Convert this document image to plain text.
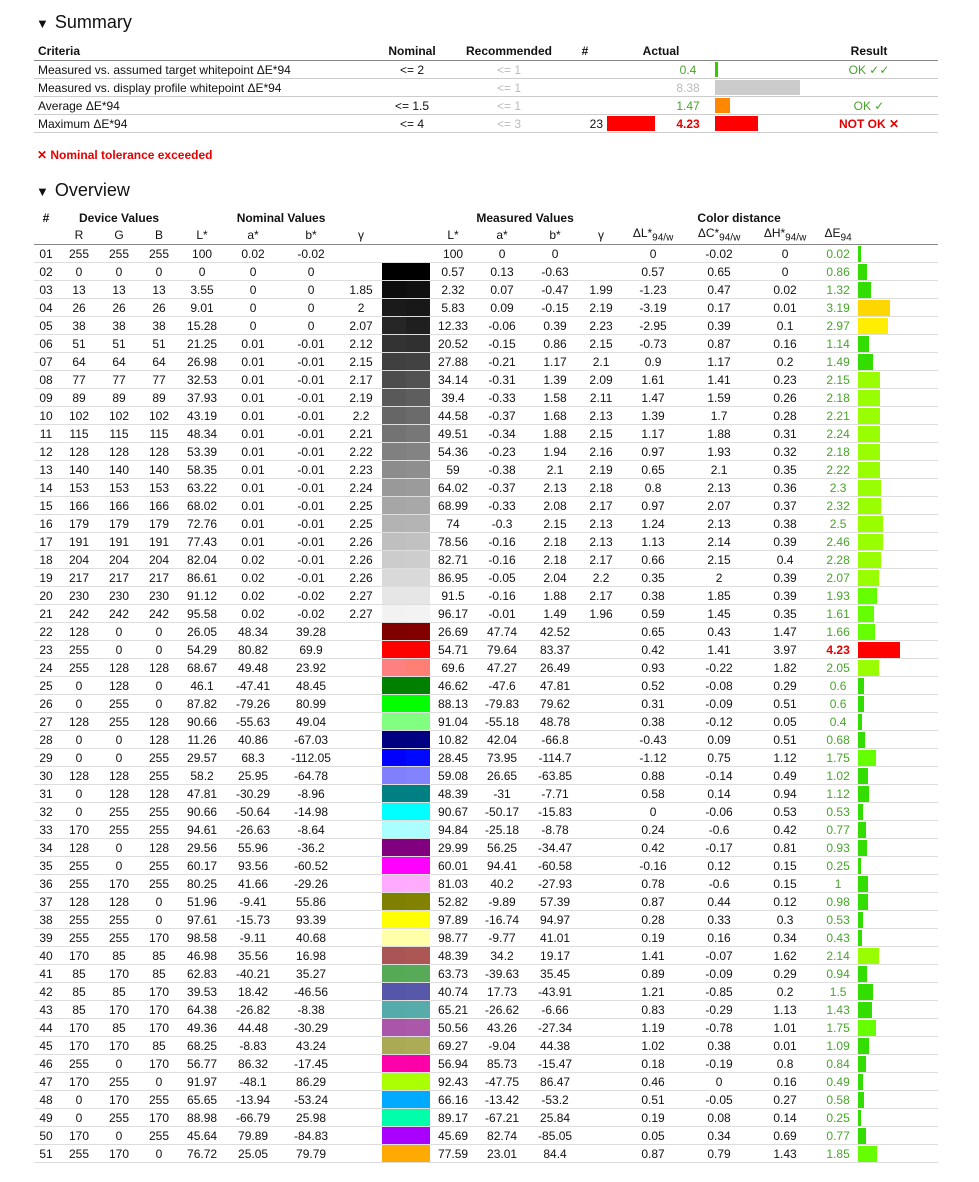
▼ Summary
Criteria	Nominal	Recommended	#	Actual			Result
Measured vs. assumed target whitepoint ΔE*94	<= 2	<= 1			0.4		OK ✓✓
Measured vs. display profile whitepoint ΔE*94		<= 1			8.38		
Average ΔE*94	<= 1.5	<= 1			1.47		OK ✓
Maximum ΔE*94	<= 4	<= 3	23		4.23		NOT OK ✕
✕ Nominal tolerance exceeded
▼ Overview
#	Device Values			Nominal Values					Measured Values				Color distance				
	R	G	B	L*	a*	b*	γ		L*	a*	b*	γ	$\Delta L*_{94/w}$	$\Delta C*_{94/w}$	$\Delta H*_{94/w}$	$\Delta E_{94}$	
01	255	255	255	100	0.02	-0.02			100	0	0		0	-0.02	0	0.02	
02	0	0	0	0	0	0			0.57	0.13	-0.63		0.57	0.65	0	0.86	
03	13	13	13	3.55	0	0	1.85		2.32	0.07	-0.47	1.99	-1.23	0.47	0.02	1.32	
04	26	26	26	9.01	0	0	2		5.83	0.09	-0.15	2.19	-3.19	0.17	0.01	3.19	
05	38	38	38	15.28	0	0	2.07		12.33	-0.06	0.39	2.23	-2.95	0.39	0.1	2.97	
06	51	51	51	21.25	0.01	-0.01	2.12		20.52	-0.15	0.86	2.15	-0.73	0.87	0.16	1.14	
07	64	64	64	26.98	0.01	-0.01	2.15		27.88	-0.21	1.17	2.1	0.9	1.17	0.2	1.49	
08	77	77	77	32.53	0.01	-0.01	2.17		34.14	-0.31	1.39	2.09	1.61	1.41	0.23	2.15	
09	89	89	89	37.93	0.01	-0.01	2.19		39.4	-0.33	1.58	2.11	1.47	1.59	0.26	2.18	
10	102	102	102	43.19	0.01	-0.01	2.2		44.58	-0.37	1.68	2.13	1.39	1.7	0.28	2.21	
11	115	115	115	48.34	0.01	-0.01	2.21		49.51	-0.34	1.88	2.15	1.17	1.88	0.31	2.24	
12	128	128	128	53.39	0.01	-0.01	2.22		54.36	-0.23	1.94	2.16	0.97	1.93	0.32	2.18	
13	140	140	140	58.35	0.01	-0.01	2.23		59	-0.38	2.1	2.19	0.65	2.1	0.35	2.22	
14	153	153	153	63.22	0.01	-0.01	2.24		64.02	-0.37	2.13	2.18	0.8	2.13	0.36	2.3	
15	166	166	166	68.02	0.01	-0.01	2.25		68.99	-0.33	2.08	2.17	0.97	2.07	0.37	2.32	
16	179	179	179	72.76	0.01	-0.01	2.25		74	-0.3	2.15	2.13	1.24	2.13	0.38	2.5	
17	191	191	191	77.43	0.01	-0.01	2.26		78.56	-0.16	2.18	2.13	1.13	2.14	0.39	2.46	
18	204	204	204	82.04	0.02	-0.01	2.26		82.71	-0.16	2.18	2.17	0.66	2.15	0.4	2.28	
19	217	217	217	86.61	0.02	-0.01	2.26		86.95	-0.05	2.04	2.2	0.35	2	0.39	2.07	
20	230	230	230	91.12	0.02	-0.02	2.27		91.5	-0.16	1.88	2.17	0.38	1.85	0.39	1.93	
21	242	242	242	95.58	0.02	-0.02	2.27		96.17	-0.01	1.49	1.96	0.59	1.45	0.35	1.61	
22	128	0	0	26.05	48.34	39.28			26.69	47.74	42.52		0.65	0.43	1.47	1.66	
23	255	0	0	54.29	80.82	69.9			54.71	79.64	83.37		0.42	1.41	3.97	4.23	
24	255	128	128	68.67	49.48	23.92			69.6	47.27	26.49		0.93	-0.22	1.82	2.05	
25	0	128	0	46.1	-47.41	48.45			46.62	-47.6	47.81		0.52	-0.08	0.29	0.6	
26	0	255	0	87.82	-79.26	80.99			88.13	-79.83	79.62		0.31	-0.09	0.51	0.6	
27	128	255	128	90.66	-55.63	49.04			91.04	-55.18	48.78		0.38	-0.12	0.05	0.4	
28	0	0	128	11.26	40.86	-67.03			10.82	42.04	-66.8		-0.43	0.09	0.51	0.68	
29	0	0	255	29.57	68.3	-112.05			28.45	73.95	-114.7		-1.12	0.75	1.12	1.75	
30	128	128	255	58.2	25.95	-64.78			59.08	26.65	-63.85		0.88	-0.14	0.49	1.02	
31	0	128	128	47.81	-30.29	-8.96			48.39	-31	-7.71		0.58	0.14	0.94	1.12	
32	0	255	255	90.66	-50.64	-14.98			90.67	-50.17	-15.83		0	-0.06	0.53	0.53	
33	170	255	255	94.61	-26.63	-8.64			94.84	-25.18	-8.78		0.24	-0.6	0.42	0.77	
34	128	0	128	29.56	55.96	-36.2			29.99	56.25	-34.47		0.42	-0.17	0.81	0.93	
35	255	0	255	60.17	93.56	-60.52			60.01	94.41	-60.58		-0.16	0.12	0.15	0.25	
36	255	170	255	80.25	41.66	-29.26			81.03	40.2	-27.93		0.78	-0.6	0.15	1	
37	128	128	0	51.96	-9.41	55.86			52.82	-9.89	57.39		0.87	0.44	0.12	0.98	
38	255	255	0	97.61	-15.73	93.39			97.89	-16.74	94.97		0.28	0.33	0.3	0.53	
39	255	255	170	98.58	-9.11	40.68			98.77	-9.77	41.01		0.19	0.16	0.34	0.43	
40	170	85	85	46.98	35.56	16.98			48.39	34.2	19.17		1.41	-0.07	1.62	2.14	
41	85	170	85	62.83	-40.21	35.27			63.73	-39.63	35.45		0.89	-0.09	0.29	0.94	
42	85	85	170	39.53	18.42	-46.56			40.74	17.73	-43.91		1.21	-0.85	0.2	1.5	
43	85	170	170	64.38	-26.82	-8.38			65.21	-26.62	-6.66		0.83	-0.29	1.13	1.43	
44	170	85	170	49.36	44.48	-30.29			50.56	43.26	-27.34		1.19	-0.78	1.01	1.75	
45	170	170	85	68.25	-8.83	43.24			69.27	-9.04	44.38		1.02	0.38	0.01	1.09	
46	255	0	170	56.77	86.32	-17.45			56.94	85.73	-15.47		0.18	-0.19	0.8	0.84	
47	170	255	0	91.97	-48.1	86.29			92.43	-47.75	86.47		0.46	0	0.16	0.49	
48	0	170	255	65.65	-13.94	-53.24			66.16	-13.42	-53.2		0.51	-0.05	0.27	0.58	
49	0	255	170	88.98	-66.79	25.98			89.17	-67.21	25.84		0.19	0.08	0.14	0.25	
50	170	0	255	45.64	79.89	-84.83			45.69	82.74	-85.05		0.05	0.34	0.69	0.77	
51	255	170	0	76.72	25.05	79.79			77.59	23.01	84.4		0.87	0.79	1.43	1.85	
